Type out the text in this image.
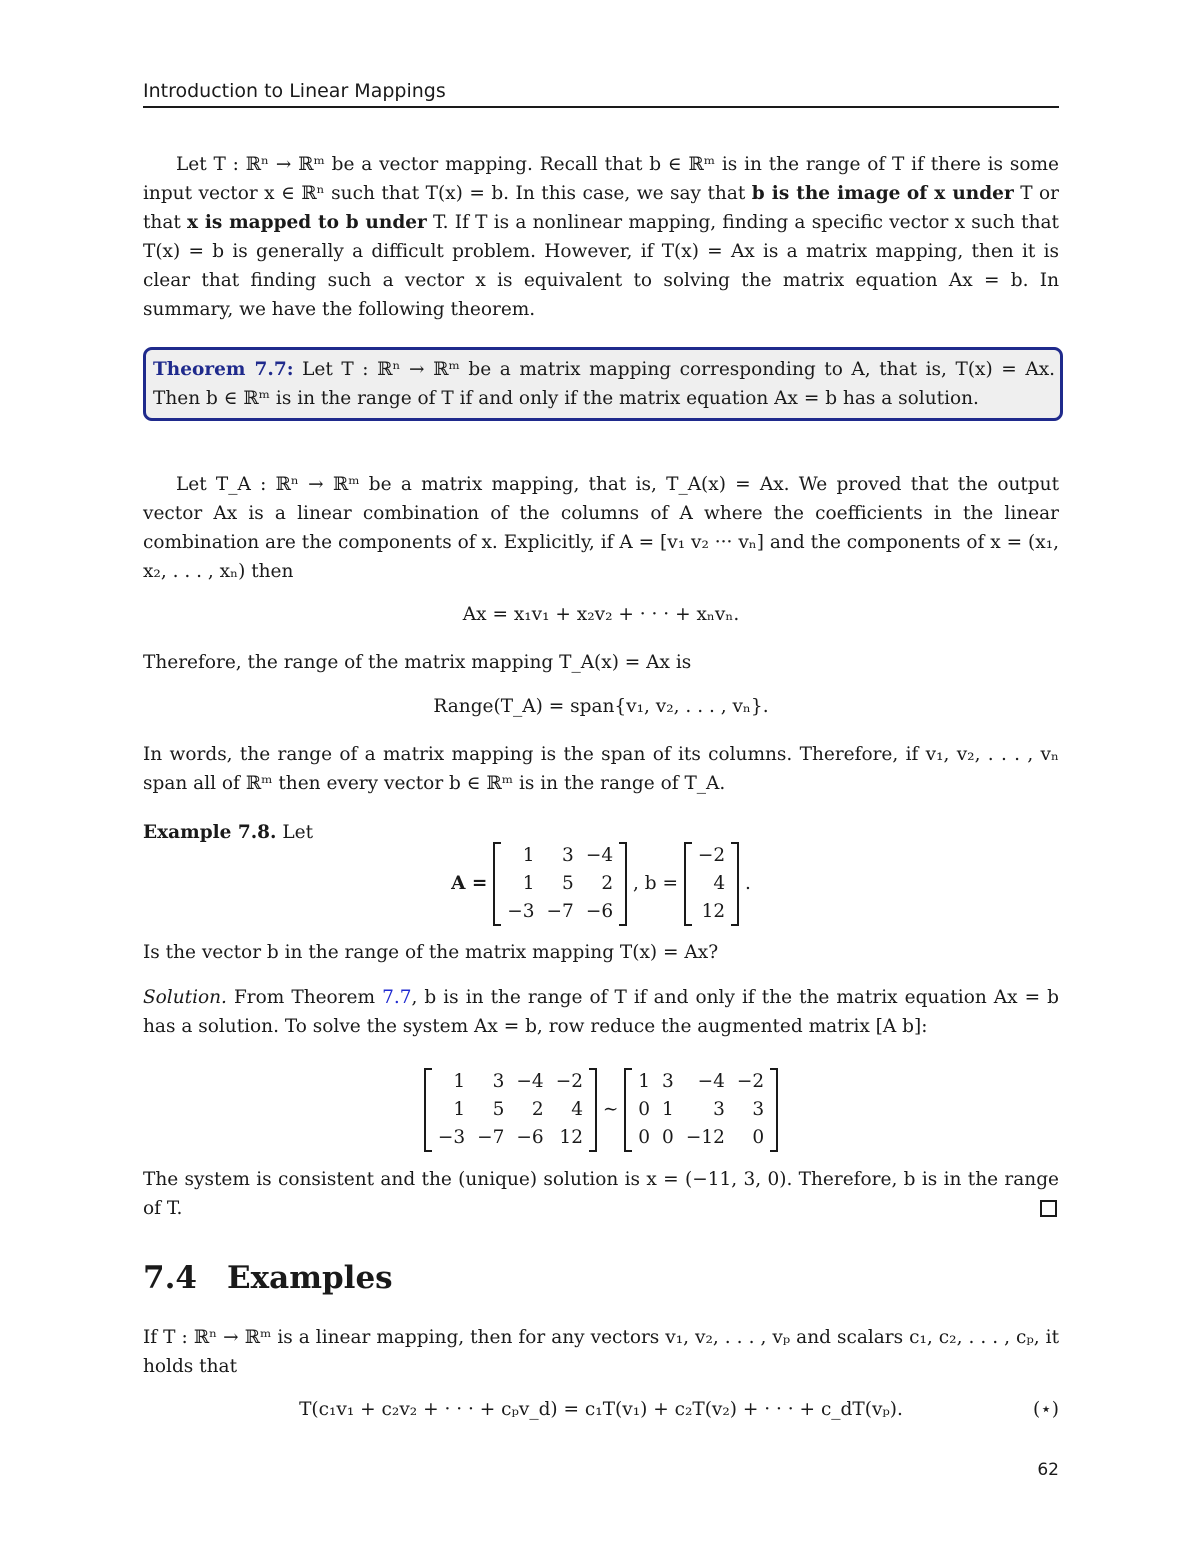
Introduction to Linear Mappings

Let T : ℝⁿ → ℝᵐ be a vector mapping. Recall that b ∈ ℝᵐ is in the range of T if there is some input vector x ∈ ℝⁿ such that T(x) = b. In this case, we say that b is the image of x under T or that x is mapped to b under T. If T is a nonlinear mapping, finding a specific vector x such that T(x) = b is generally a difficult problem. However, if T(x) = Ax is a matrix mapping, then it is clear that finding such a vector x is equivalent to solving the matrix equation Ax = b. In summary, we have the following theorem.

Theorem 7.7: Let T : ℝⁿ → ℝᵐ be a matrix mapping corresponding to A, that is, T(x) = Ax. Then b ∈ ℝᵐ is in the range of T if and only if the matrix equation Ax = b has a solution.

Let T_A : ℝⁿ → ℝᵐ be a matrix mapping, that is, T_A(x) = Ax. We proved that the output vector Ax is a linear combination of the columns of A where the coefficients in the linear combination are the components of x. Explicitly, if A = [v₁ v₂ ··· vₙ] and the components of x = (x₁, x₂, . . . , xₙ) then

Ax = x₁v₁ + x₂v₂ + · · · + xₙvₙ.

Therefore, the range of the matrix mapping T_A(x) = Ax is

Range(T_A) = span{v₁, v₂, . . . , vₙ}.

In words, the range of a matrix mapping is the span of its columns. Therefore, if v₁, v₂, . . . , vₙ span all of ℝᵐ then every vector b ∈ ℝᵐ is in the range of T_A.

Example 7.8. Let
A =
1	3	−4
1	5	2
−3	−7	−6
, b =
−2
4
12
.

Is the vector b in the range of the matrix mapping T(x) = Ax?

Solution. From Theorem 7.7, b is in the range of T if and only if the the matrix equation Ax = b has a solution. To solve the system Ax = b, row reduce the augmented matrix [A b]:

1	3	−4	−2
1	5	2	4
−3	−7	−6	12
∼
1	3	−4	−2
0	1	3	3
0	0	−12	0

The system is consistent and the (unique) solution is x = (−11, 3, 0). Therefore, b is in the range of T.

7.4 Examples

If T : ℝⁿ → ℝᵐ is a linear mapping, then for any vectors v₁, v₂, . . . , vₚ and scalars c₁, c₂, . . . , cₚ, it holds that

T(c₁v₁ + c₂v₂ + · · · + cₚv_d) = c₁T(v₁) + c₂T(v₂) + · · · + c_dT(vₚ).	(⋆)
62
